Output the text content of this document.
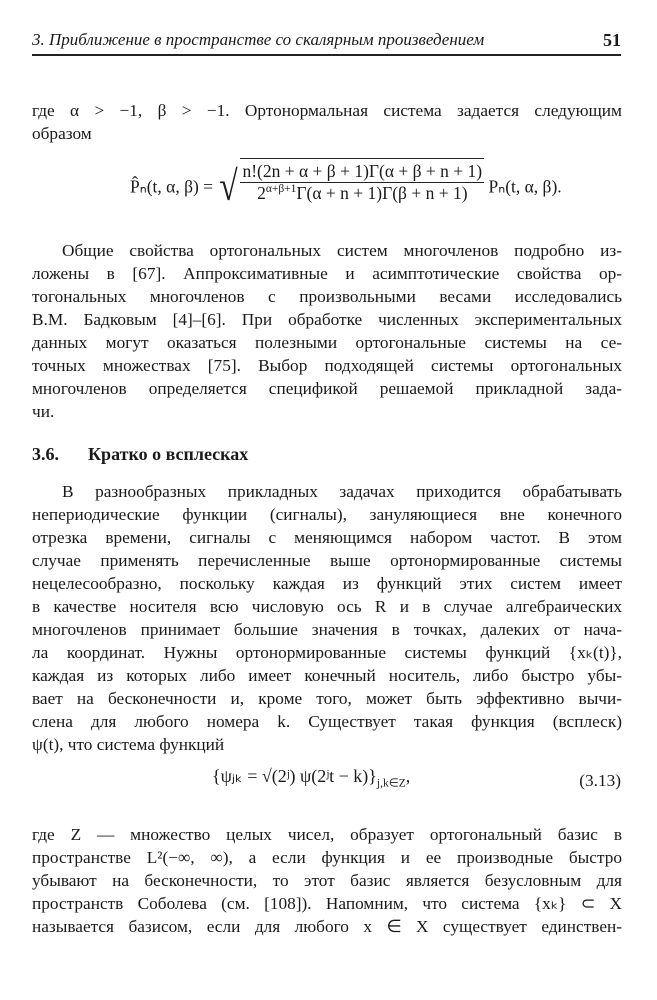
3. Приближение в пространстве со скалярным произведением	51
где α > −1, β > −1. Ортонормальная система задается следующим
образом
P̂ₙ(t, α, β) = √ $\frac{n!(2n + \alpha + \beta + 1)\Gamma(\alpha + \beta + n + 1)}{2^{\alpha+\beta+1}\Gamma(\alpha + n + 1)\Gamma(\beta + n + 1)} P_n(t$, α, β).
Общие свойства ортогональных систем многочленов подробно из-
ложены в [67]. Аппроксимативные и асимптотические свойства ор-
тогональных многочленов с произвольными весами исследовались
В.М. Бадковым [4]–[6]. При обработке численных экспериментальных
данных могут оказаться полезными ортогональные системы на се-
точных множествах [75]. Выбор подходящей системы ортогональных
многочленов определяется спецификой решаемой прикладной зада-
чи.
3.6. Кратко о всплесках
В разнообразных прикладных задачах приходится обрабатывать
непериодические функции (сигналы), зануляющиеся вне конечного
отрезка времени, сигналы с меняющимся набором частот. В этом
случае применять перечисленные выше ортонормированные системы
нецелесообразно, поскольку каждая из функций этих систем имеет
в качестве носителя всю числовую ось R и в случае алгебраических
многочленов принимает большие значения в точках, далеких от нача-
ла координат. Нужны ортонормированные системы функций {xₖ(t)},
каждая из которых либо имеет конечный носитель, либо быстро убы-
вает на бесконечности и, кроме того, может быть эффективно вычи-
слена для любого номера k. Существует такая функция (всплеск)
ψ(t), что система функций
{ψⱼₖ = √(2ʲ) ψ(2ʲt − $k)\}_{j,k\in Z}$,	(3.13)
где Z — множество целых чисел, образует ортогональный базис в
пространстве L²(−∞, ∞), а если функция и ее производные быстро
убывают на бесконечности, то этот базис является безусловным для
пространств Соболева (см. [108]). Напомним, что система {xₖ} ⊂ X
называется базисом, если для любого x ∈ X существует единствен-
